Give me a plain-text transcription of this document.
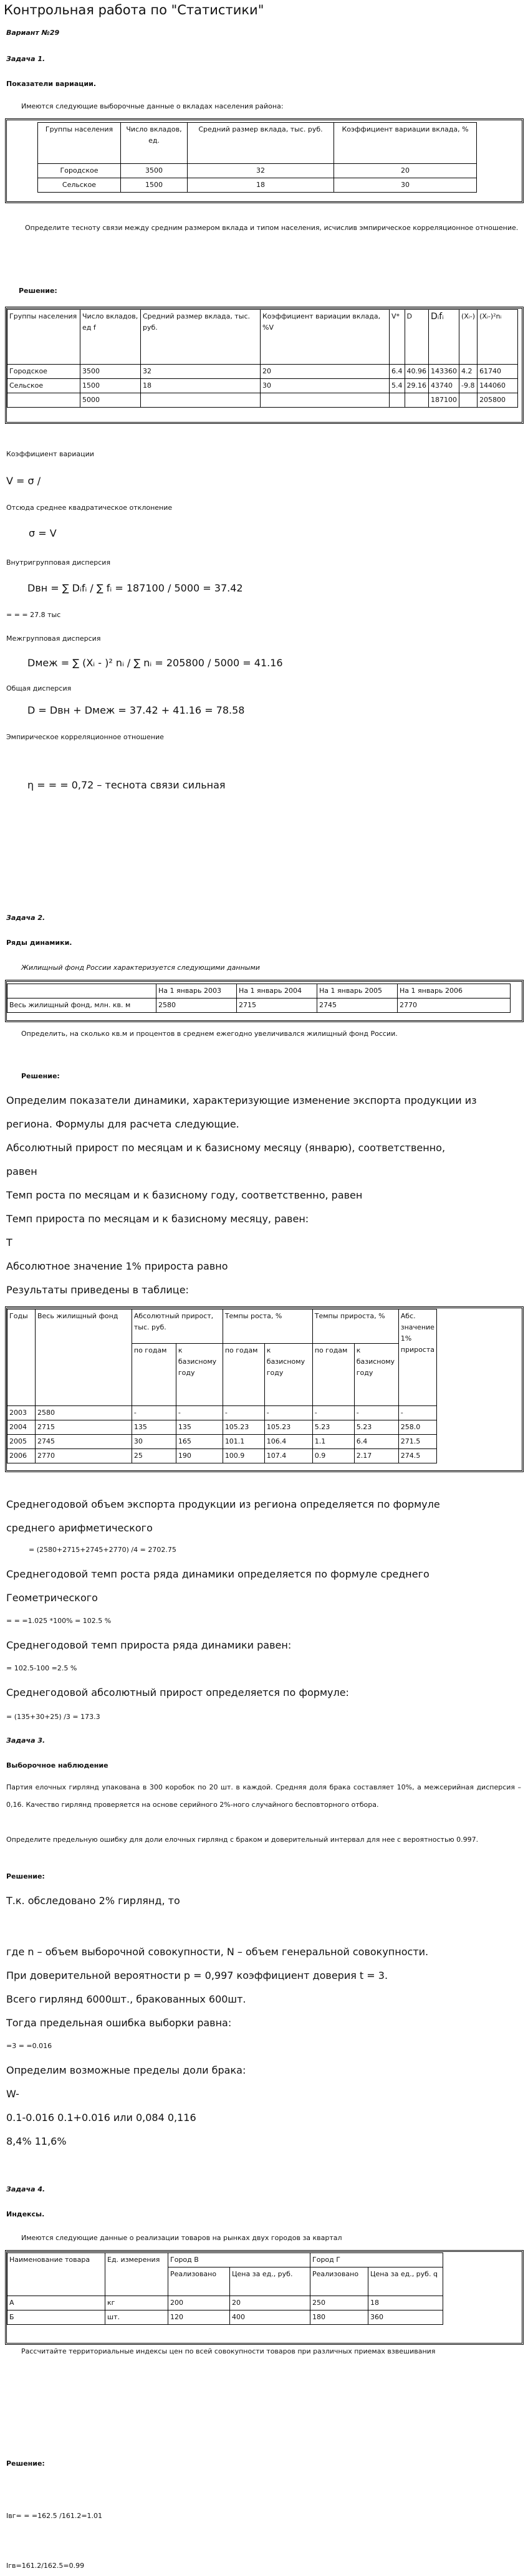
Контрольная работа по "Статистики"
Вариант №29
Задача 1.
Показатели вариации.
Имеются следующие выборочные данные о вкладах населения района:
Группы населения	Число вкладов, ед.	Средний размер вклада, тыс. руб.	Коэффициент вариации вклада, %
Городское	3500	32	20
Сельское	1500	18	30
Определите тесноту связи между средним размером вклада и типом населения, исчислив эмпирическое корреляционное отношение.
Решение:
Группы населения	Число вкладов, ед f	Средний размер вклада, тыс. руб.	Коэффициент вариации вклада, %V	V*	D	Dᵢfᵢ	(Xᵢ-)	(Xᵢ-)²nᵢ
Городское	3500	32	20	6.4	40.96	143360	4.2	61740
Сельское	1500	18	30	5.4	29.16	43740	-9.8	144060
	5000					187100		205800
Коэффициент вариации
V = σ /
Отсюда среднее квадратическое отклонение
σ = V
Внутригрупповая дисперсия
Dвн = ∑ Dᵢfᵢ / ∑ fᵢ = 187100 / 5000 = 37.42
= = = 27.8 тыс
Межгрупповая дисперсия
Dмеж = ∑ (Xᵢ - )² nᵢ / ∑ nᵢ = 205800 / 5000 = 41.16
Общая дисперсия
D = Dвн + Dмеж = 37.42 + 41.16 = 78.58
Эмпирическое корреляционное отношение
η = = = 0,72 – теснота связи сильная
Задача 2.
Ряды динамики.
Жилищный фонд России характеризуется следующими данными
	На 1 январь 2003	На 1 январь 2004	На 1 январь 2005	На 1 январь 2006
Весь жилищный фонд, млн. кв. м	2580	2715	2745	2770
Определить, на сколько кв.м и процентов в среднем ежегодно увеличивался жилищный фонд России.
Решение:
Определим показатели динамики, характеризующие изменение экспорта продукции из
региона. Формулы для расчета следующие.
Абсолютный прирост по месяцам и к базисному месяцу (январю), соответственно,
равен
Темп роста по месяцам и к базисному году, соответственно, равен
Темп прироста по месяцам и к базисному месяцу, равен:
Т
Абсолютное значение 1% прироста равно
Результаты приведены в таблице:
Годы	Весь жилищный фонд	Абсолютный прирост, тыс. руб.		Темпы роста, %		Темпы прироста, %		Абс. значение 1% прироста
		по годам	к базисному году	по годам	к базисному году	по годам	к базисному году	
2003	2580	-	-	-	-	-	-	-
2004	2715	135	135	105.23	105.23	5.23	5.23	258.0
2005	2745	30	165	101.1	106.4	1.1	6.4	271.5
2006	2770	25	190	100.9	107.4	0.9	2.17	274.5
Среднегодовой объем экспорта продукции из региона определяется по формуле
среднего арифметического
= (2580+2715+2745+2770) /4 = 2702.75
Среднегодовой темп роста ряда динамики определяется по формуле среднего
Геометрического
= = =1.025 *100% = 102.5 %
Среднегодовой темп прироста ряда динамики равен:
= 102.5-100 =2.5 %
Среднегодовой абсолютный прирост определяется по формуле:
= (135+30+25) /3 = 173.3
Задача 3.
Выборочное наблюдение
Партия елочных гирлянд упакована в 300 коробок по 20 шт. в каждой. Средняя доля брака составляет 10%, а межсерийная дисперсия – 0,16. Качество гирлянд проверяется на основе серийного 2%-ного случайного бесповторного отбора.
Определите предельную ошибку для доли елочных гирлянд с браком и доверительный интервал для нее с вероятностью 0.997.
Решение:
Т.к. обследовано 2% гирлянд, то
где n – объем выборочной совокупности, N – объем генеральной совокупности.
При доверительной вероятности p = 0,997 коэффициент доверия t = 3.
Всего гирлянд 6000шт., бракованных 600шт.
Тогда предельная ошибка выборки равна:
=3 = =0.016
Определим возможные пределы доли брака:
W-
0.1-0.016 0.1+0.016 или 0,084 0,116
8,4% 11,6%
Задача 4.
Индексы.
Имеются следующие данные о реализации товаров на рынках двух городов за квартал
Наименование товара	Ед. измерения	Город В		Город Г	
		Реализовано	Цена за ед., руб.	Реализовано	Цена за ед., руб. q
А	кг	200	20	250	18
Б	шт.	120	400	180	360
Рассчитайте территориальные индексы цен по всей совокупности товаров при различных приемах взвешивания
Решение:
Iвг= = =162.5 /161.2=1.01
Iгв=161.2/162.5=0.99
